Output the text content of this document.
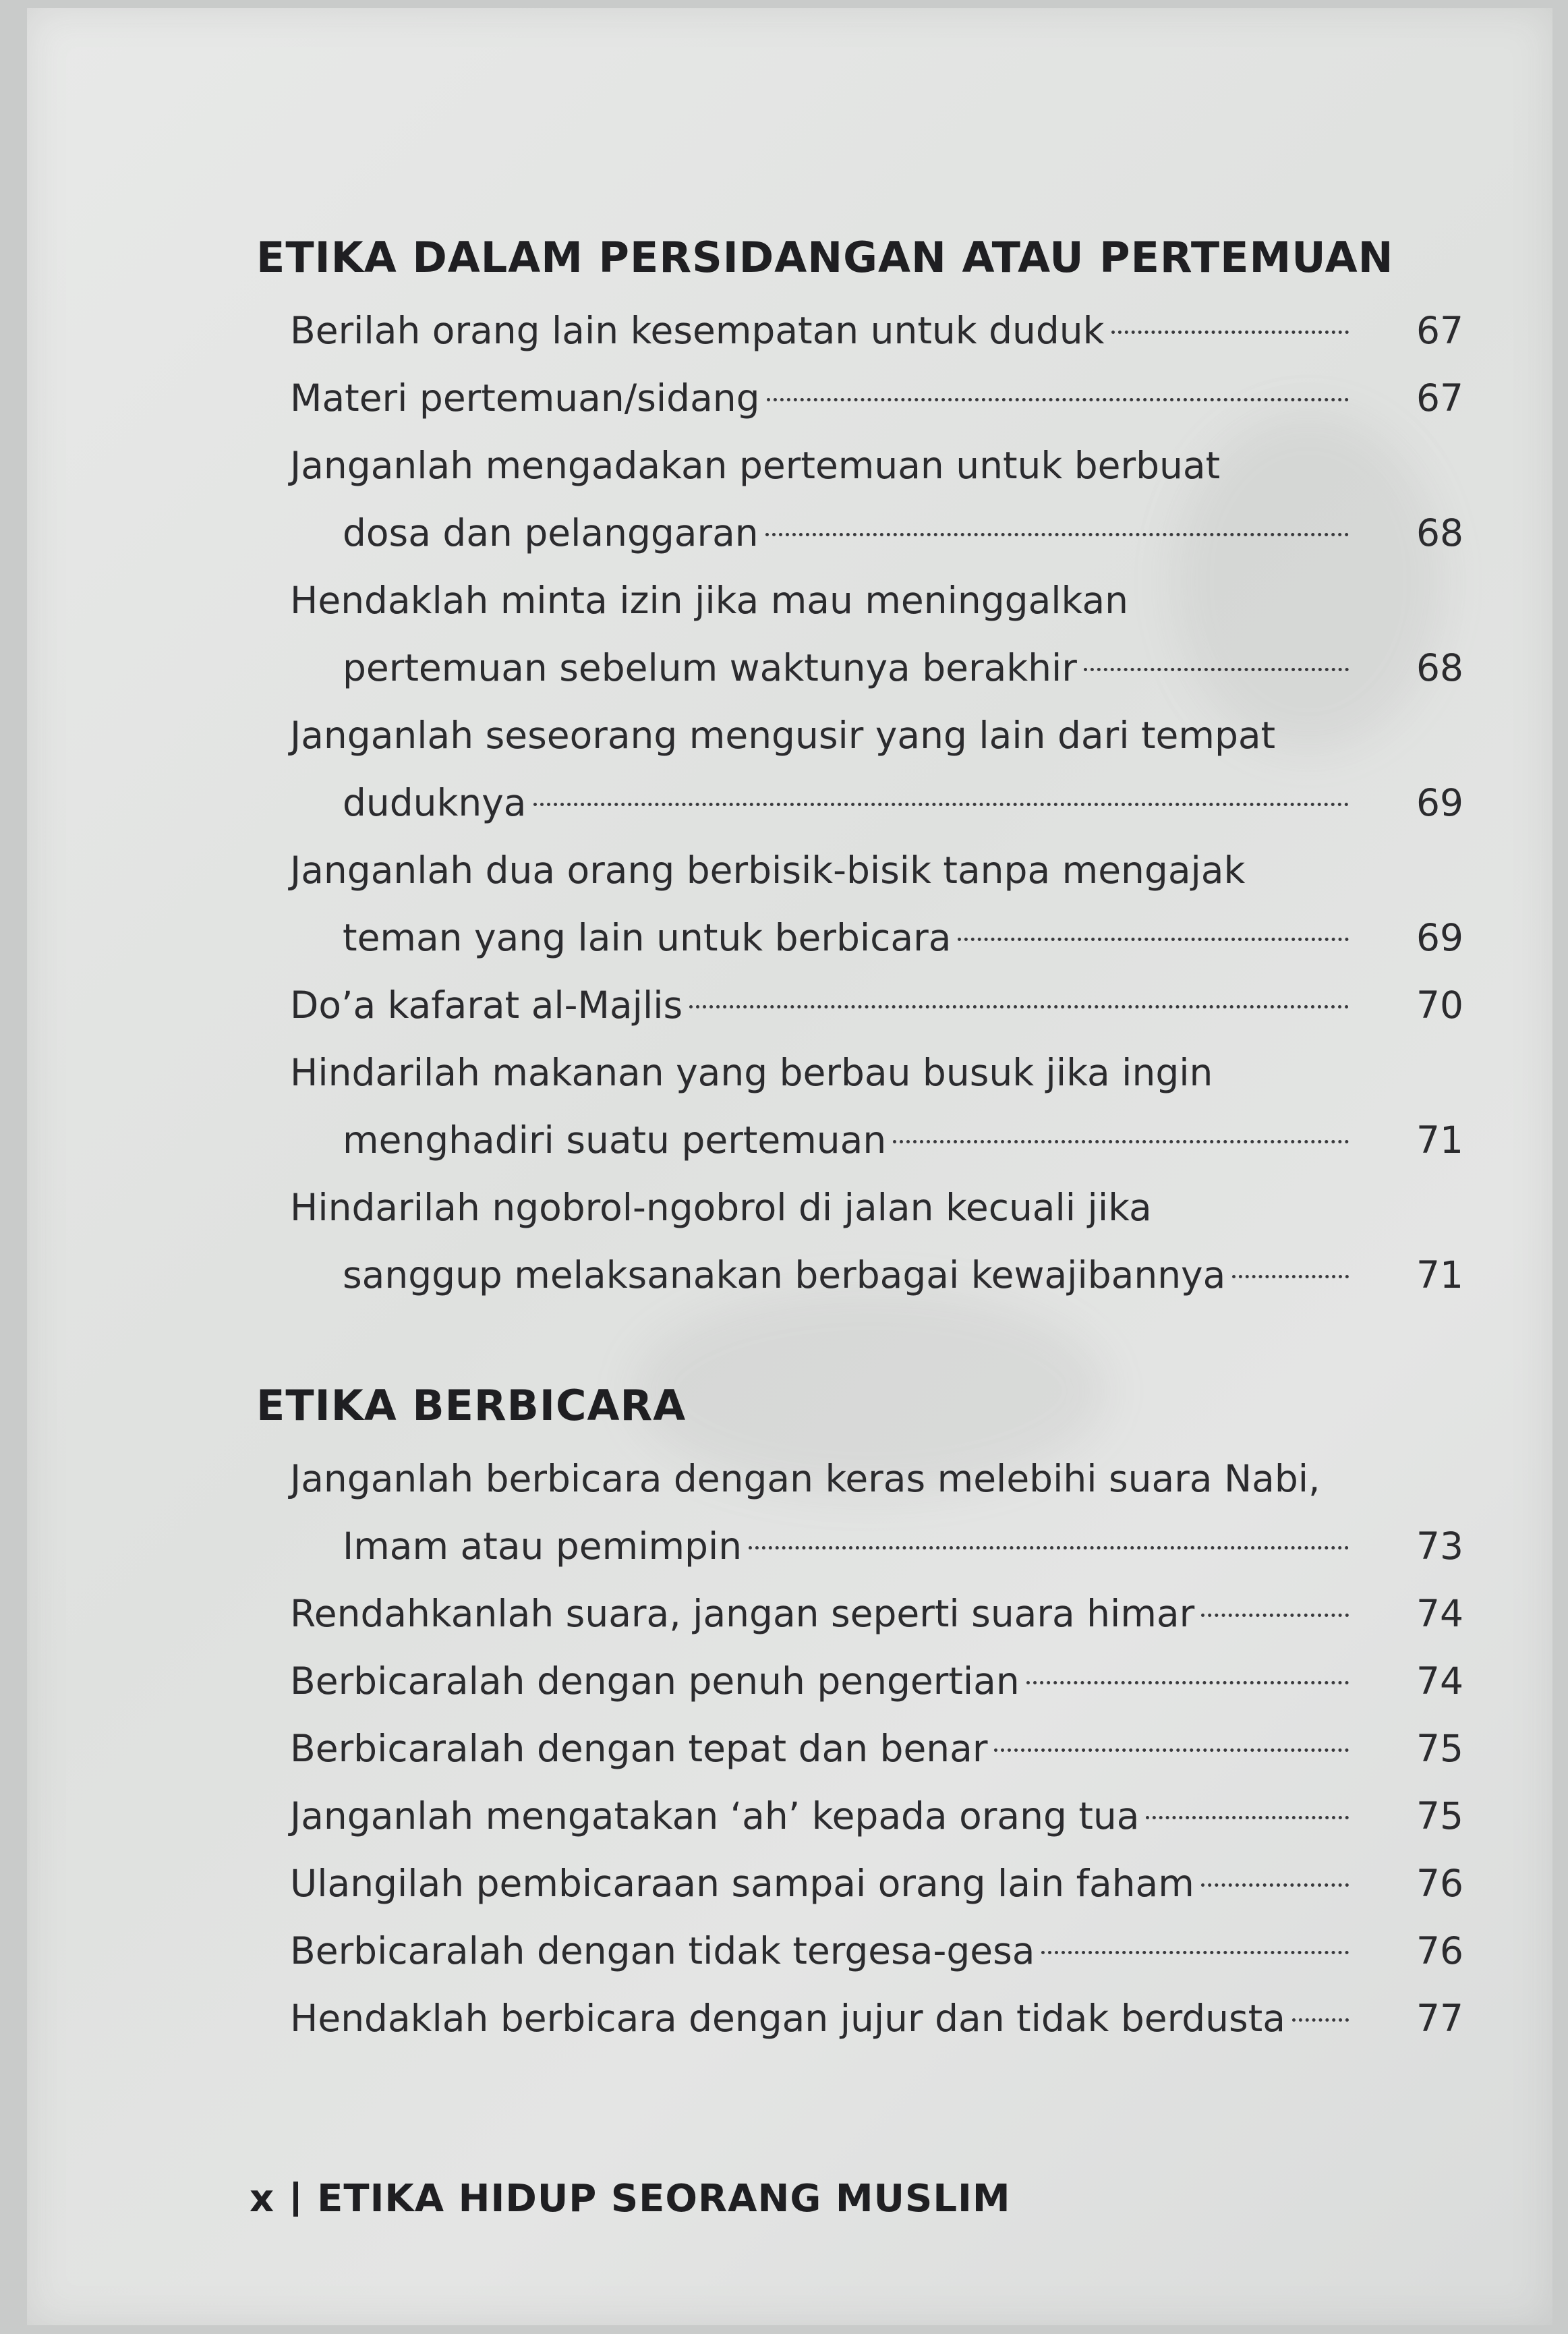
ETIKA DALAM PERSIDANGAN ATAU PERTEMUAN
Berilah orang lain kesempatan untuk duduk	67
Materi pertemuan/sidang	67
Janganlah mengadakan pertemuan untuk berbuat
dosa dan pelanggaran	68
Hendaklah minta izin jika mau meninggalkan
pertemuan sebelum waktunya berakhir	68
Janganlah seseorang mengusir yang lain dari tempat
duduknya	69
Janganlah dua orang berbisik-bisik tanpa mengajak
teman yang lain untuk berbicara	69
Do’a kafarat al-Majlis	70
Hindarilah makanan yang berbau busuk jika ingin
menghadiri suatu pertemuan	71
Hindarilah ngobrol-ngobrol di jalan kecuali jika
sanggup melaksanakan berbagai kewajibannya	71
ETIKA BERBICARA
Janganlah berbicara dengan keras melebihi suara Nabi,
Imam atau pemimpin	73
Rendahkanlah suara, jangan seperti suara himar	74
Berbicaralah dengan penuh pengertian	74
Berbicaralah dengan tepat dan benar	75
Janganlah mengatakan ‘ah’ kepada orang tua	75
Ulangilah pembicaraan sampai orang lain faham	76
Berbicaralah dengan tidak tergesa-gesa	76
Hendaklah berbicara dengan jujur dan tidak berdusta	77
x ETIKA HIDUP SEORANG MUSLIM
